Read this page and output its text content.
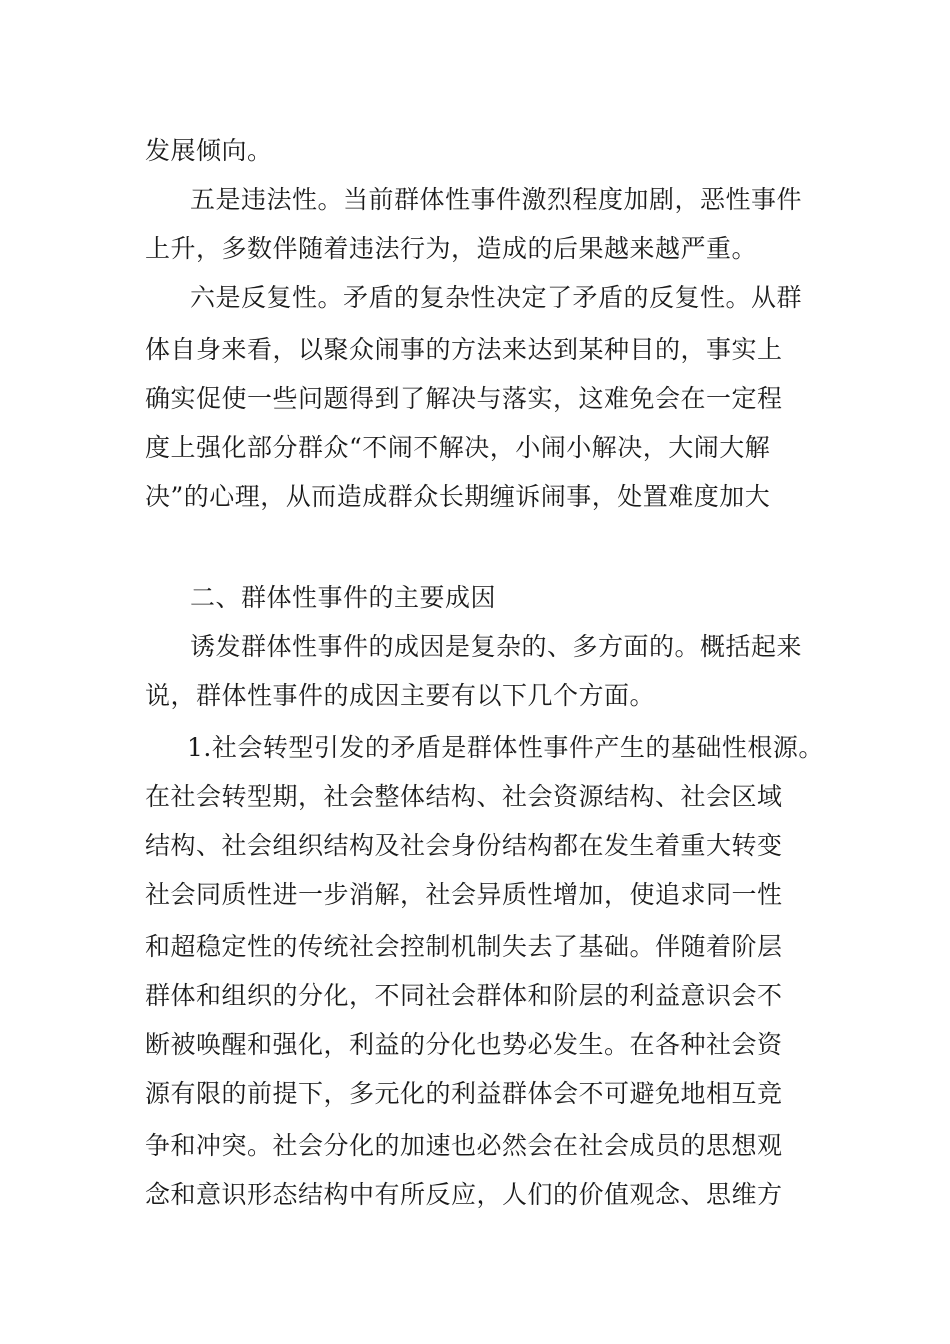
发展倾向。
五是违法性。当前群体性事件激烈程度加剧，恶性事件
上升，多数伴随着违法行为，造成的后果越来越严重。
六是反复性。矛盾的复杂性决定了矛盾的反复性。从群
体自身来看，以聚众闹事的方法来达到某种目的，事实上
确实促使一些问题得到了解决与落实，这难免会在一定程
度上强化部分群众“不闹不解决，小闹小解决，大闹大解
决”的心理，从而造成群众长期缠诉闹事，处置难度加大
二、群体性事件的主要成因
诱发群体性事件的成因是复杂的、多方面的。概括起来
说，群体性事件的成因主要有以下几个方面。
1.社会转型引发的矛盾是群体性事件产生的基础性根源。
在社会转型期，社会整体结构、社会资源结构、社会区域
结构、社会组织结构及社会身份结构都在发生着重大转变
社会同质性进一步消解，社会异质性增加，使追求同一性
和超稳定性的传统社会控制机制失去了基础。伴随着阶层
群体和组织的分化，不同社会群体和阶层的利益意识会不
断被唤醒和强化，利益的分化也势必发生。在各种社会资
源有限的前提下，多元化的利益群体会不可避免地相互竞
争和冲突。社会分化的加速也必然会在社会成员的思想观
念和意识形态结构中有所反应，人们的价值观念、思维方
